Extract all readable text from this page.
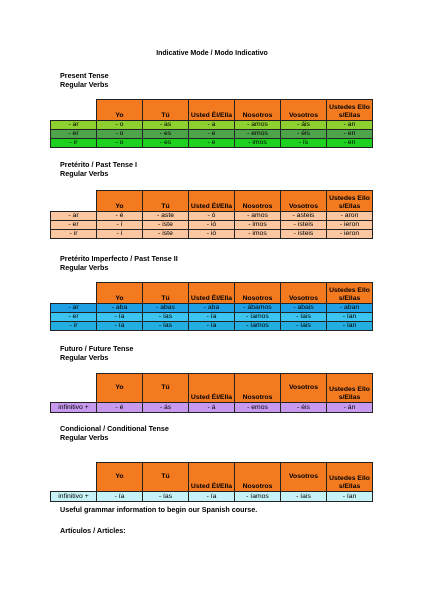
Indicative Mode / Modo Indicativo
Present Tense
Regular Verbs
	Yo	Tú	Usted Él/Ella	Nosotros	Vosotros	Ustedes Ellos/Ellas
- ar	- o	- as	- a	- amos	- áis	- an
- er	- o	- es	- e	- emos	- éis	- en
- ir	- o	- es	- e	- imos	- ís	- en
Pretérito / Past Tense I
Regular Verbs
	Yo	Tú	Usted Él/Ella	Nosotros	Vosotros	Ustedes Ellos/Ellas
- ar	- é	- aste	- ó	- amos	- asteis	- aron
- er	- í	- iste	- ió	- imos	- isteis	- ieron
- ir	- í	- iste	- ió	- imos	- isteis	- ieron
Pretérito Imperfecto / Past Tense II
Regular Verbs
	Yo	Tú	Usted Él/Ella	Nosotros	Vosotros	Ustedes Ellos/Ellas
- ar	- aba	- abas	- aba	- ábamos	- abais	- aban
- er	- ía	- ías	- ía	- íamos	- íais	- ían
- ir	- ía	- ías	- ía	- íamos	- íais	- ían
Futuro / Future Tense
Regular Verbs
	Yo	Tú	Usted Él/Ella	Nosotros	Vosotros	Ustedes Ellos/Ellas
infinitivo +	- é	- ás	- á	- emos	- éis	- án
Condicional / Conditional Tense
Regular Verbs
	Yo	Tú	Usted Él/Ella	Nosotros	Vosotros	Ustedes Ellos/Ellas
infinitivo +	- ía	- ías	- ía	- íamos	- íais	- ían
Useful grammar information to begin our Spanish course.
Artículos / Articles:
